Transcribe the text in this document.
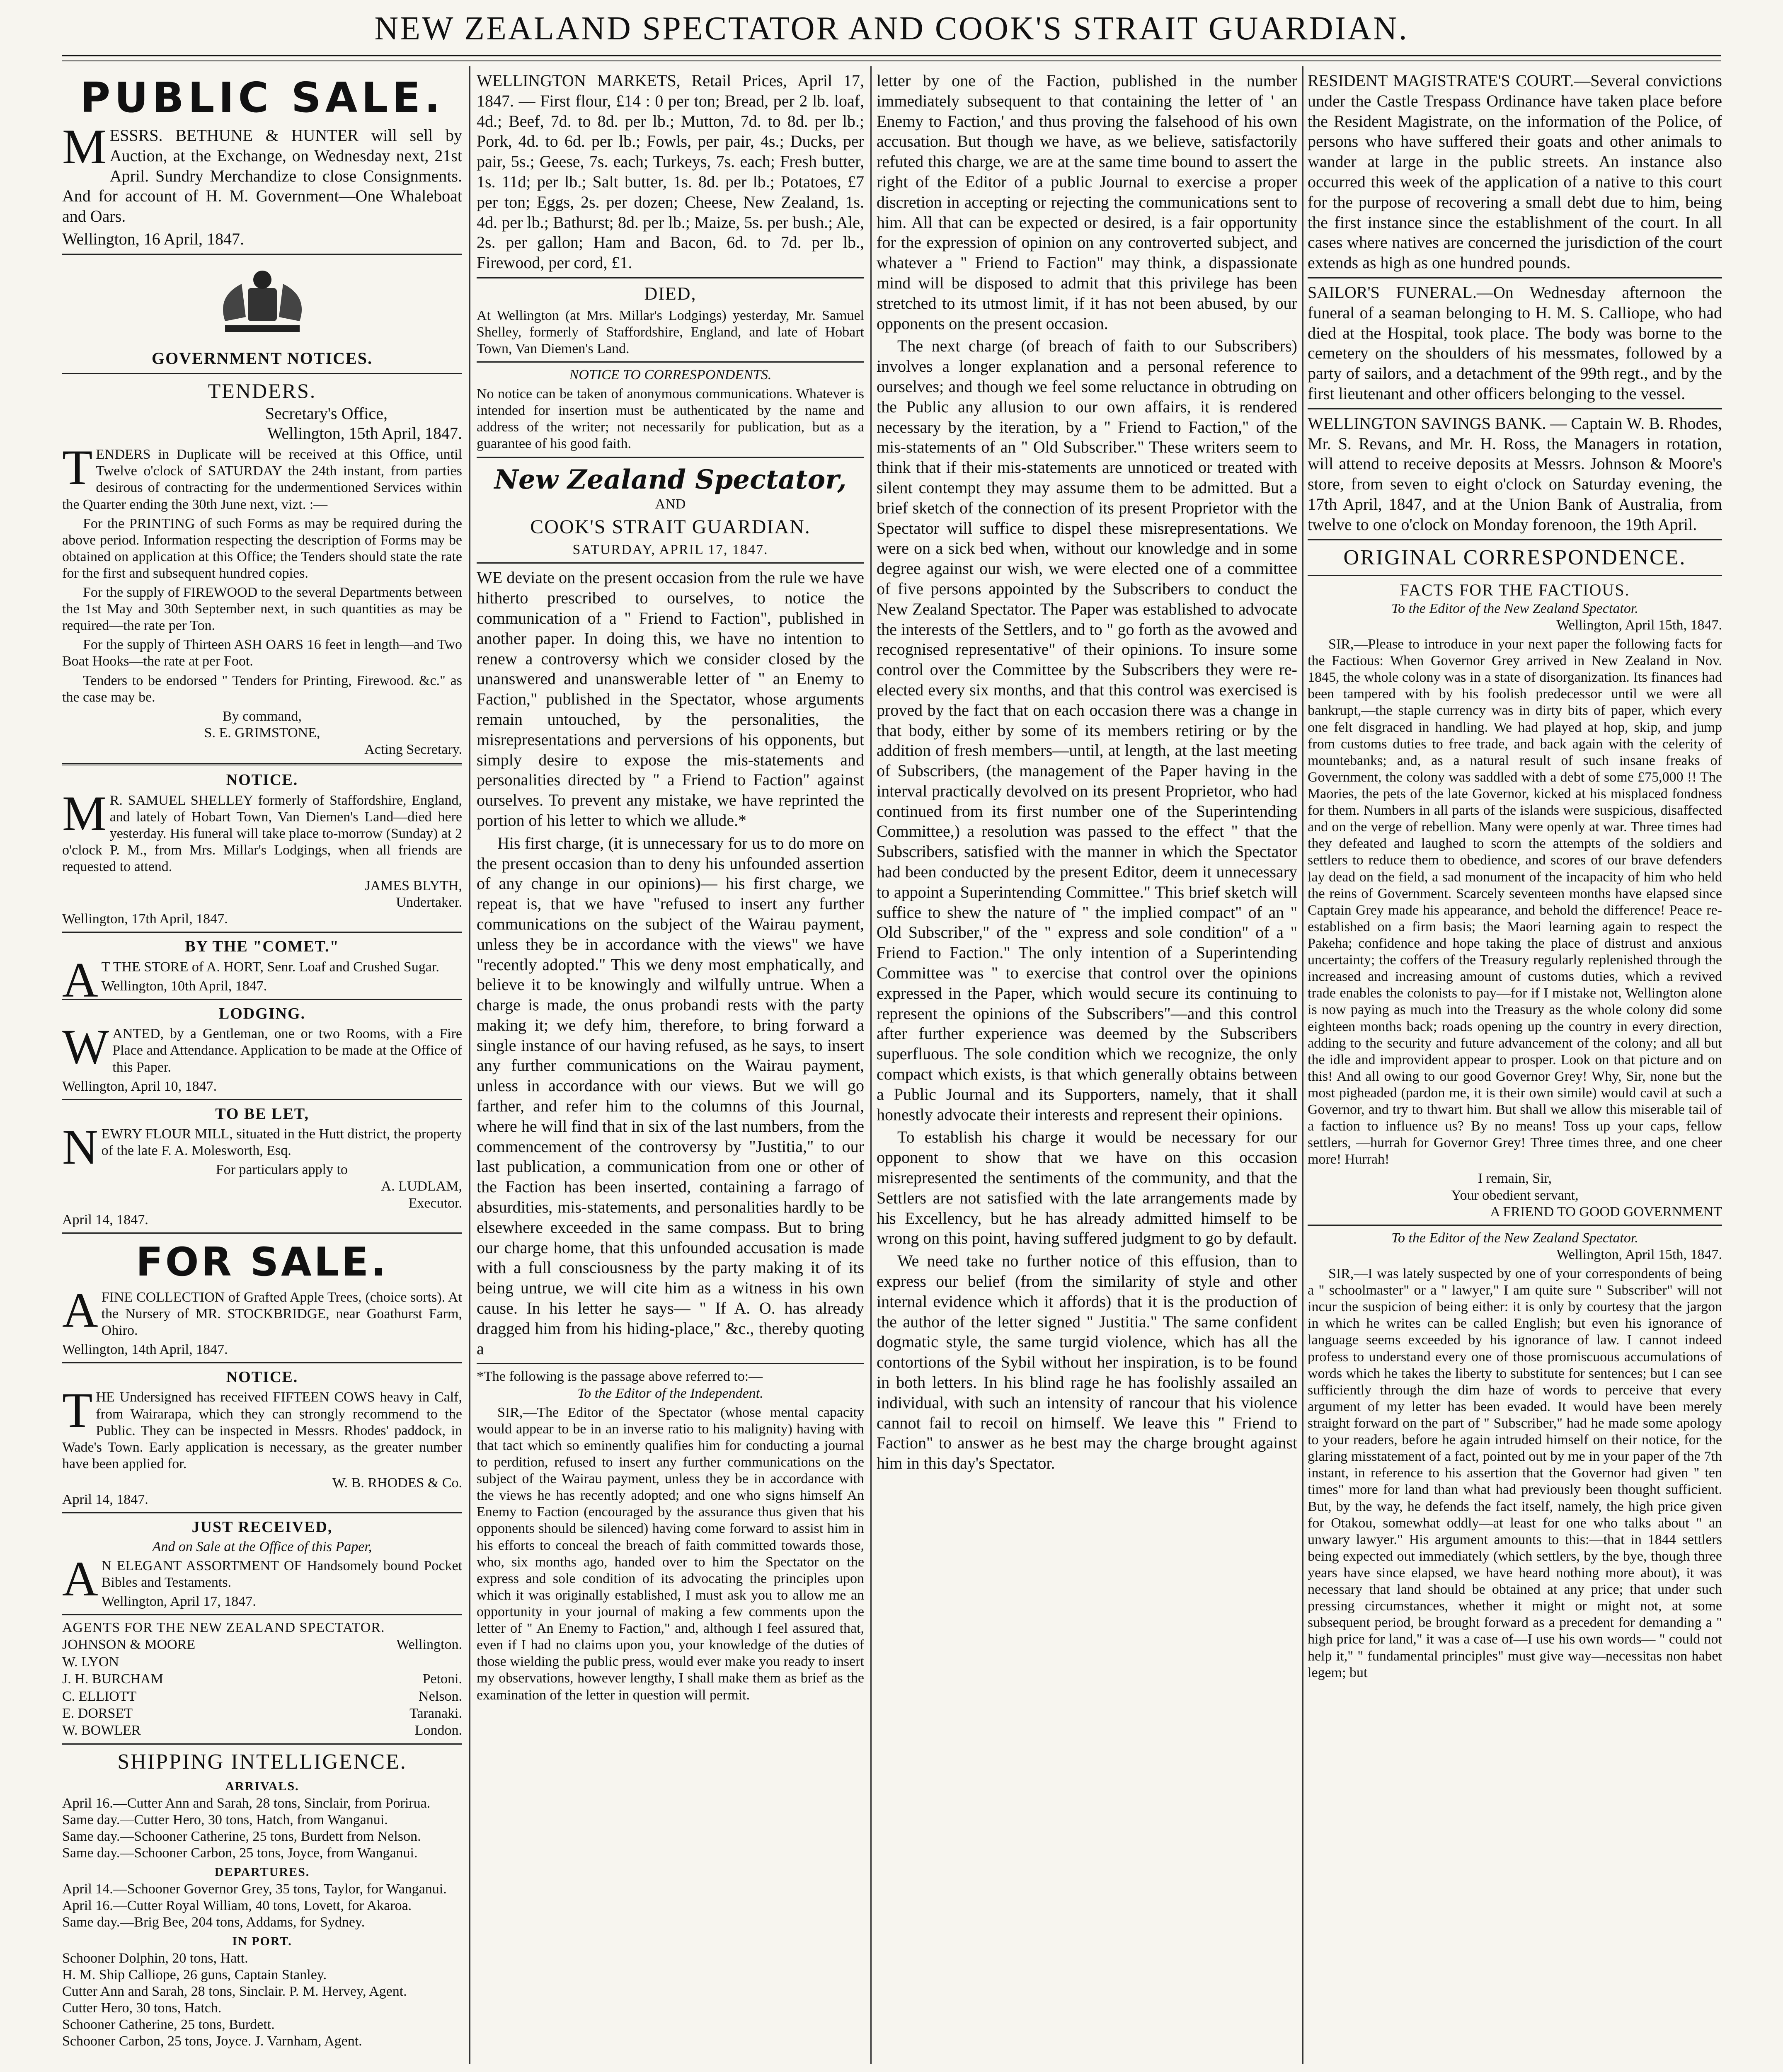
NEW ZEALAND SPECTATOR AND COOK'S STRAIT GUARDIAN.
PUBLIC SALE.
MESSRS. BETHUNE & HUNTER will sell by Auction, at the Exchange, on Wednesday next, 21st April. Sundry Merchandize to close Consignments. And for account of H. M. Government—One Whaleboat and Oars.
Wellington, 16 April, 1847.
GOVERNMENT NOTICES.
TENDERS.
Secretary's Office,
Wellington, 15th April, 1847.
TENDERS in Duplicate will be received at this Office, until Twelve o'clock of SATURDAY the 24th instant, from parties desirous of contracting for the undermentioned Services within the Quarter ending the 30th June next, vizt. :—
For the PRINTING of such Forms as may be required during the above period. Information respecting the description of Forms may be obtained on application at this Office; the Tenders should state the rate for the first and subsequent hundred copies.
For the supply of FIREWOOD to the several Departments between the 1st May and 30th September next, in such quantities as may be required—the rate per Ton.
For the supply of Thirteen ASH OARS 16 feet in length—and Two Boat Hooks—the rate at per Foot.
Tenders to be endorsed " Tenders for Printing, Firewood. &c." as the case may be.
By command,
S. E. GRIMSTONE,
Acting Secretary.
NOTICE.
MR. SAMUEL SHELLEY formerly of Staffordshire, England, and lately of Hobart Town, Van Diemen's Land—died here yesterday. His funeral will take place to-morrow (Sunday) at 2 o'clock P. M., from Mrs. Millar's Lodgings, when all friends are requested to attend.
JAMES BLYTH,
Undertaker.
Wellington, 17th April, 1847.
BY THE "COMET."
AT THE STORE of A. HORT, Senr. Loaf and Crushed Sugar.
Wellington, 10th April, 1847.
LODGING.
WANTED, by a Gentleman, one or two Rooms, with a Fire Place and Attendance. Application to be made at the Office of this Paper.
Wellington, April 10, 1847.
TO BE LET,
NEWRY FLOUR MILL, situated in the Hutt district, the property of the late F. A. Molesworth, Esq.
For particulars apply to
A. LUDLAM,
Executor.
April 14, 1847.
FOR SALE.
AFINE COLLECTION of Grafted Apple Trees, (choice sorts). At the Nursery of MR. STOCKBRIDGE, near Goathurst Farm, Ohiro.
Wellington, 14th April, 1847.
NOTICE.
THE Undersigned has received FIFTEEN COWS heavy in Calf, from Wairarapa, which they can strongly recommend to the Public. They can be inspected in Messrs. Rhodes' paddock, in Wade's Town. Early application is necessary, as the greater number have been applied for.
W. B. RHODES & Co.
April 14, 1847.
JUST RECEIVED,
And on Sale at the Office of this Paper,
AN ELEGANT ASSORTMENT OF Handsomely bound Pocket Bibles and Testaments.
Wellington, April 17, 1847.
AGENTS FOR THE NEW ZEALAND SPECTATOR.
JOHNSON & MOORE	Wellington.
W. LYON	
J. H. BURCHAM	Petoni.
C. ELLIOTT	Nelson.
E. DORSET	Taranaki.
W. BOWLER	London.
SHIPPING INTELLIGENCE.
ARRIVALS.
April 16.—Cutter Ann and Sarah, 28 tons, Sinclair, from Porirua.
Same day.—Cutter Hero, 30 tons, Hatch, from Wanganui.
Same day.—Schooner Catherine, 25 tons, Burdett from Nelson.
Same day.—Schooner Carbon, 25 tons, Joyce, from Wanganui.
DEPARTURES.
April 14.—Schooner Governor Grey, 35 tons, Taylor, for Wanganui.
April 16.—Cutter Royal William, 40 tons, Lovett, for Akaroa.
Same day.—Brig Bee, 204 tons, Addams, for Sydney.
IN PORT.
Schooner Dolphin, 20 tons, Hatt.
H. M. Ship Calliope, 26 guns, Captain Stanley.
Cutter Ann and Sarah, 28 tons, Sinclair. P. M. Hervey, Agent.
Cutter Hero, 30 tons, Hatch.
Schooner Catherine, 25 tons, Burdett.
Schooner Carbon, 25 tons, Joyce. J. Varnham, Agent.
WELLINGTON MARKETS, Retail Prices, April 17, 1847. — First flour, £14 : 0 per ton; Bread, per 2 lb. loaf, 4d.; Beef, 7d. to 8d. per lb.; Mutton, 7d. to 8d. per lb.; Pork, 4d. to 6d. per lb.; Fowls, per pair, 4s.; Ducks, per pair, 5s.; Geese, 7s. each; Turkeys, 7s. each; Fresh butter, 1s. 11d; per lb.; Salt butter, 1s. 8d. per lb.; Potatoes, £7 per ton; Eggs, 2s. per dozen; Cheese, New Zealand, 1s. 4d. per lb.; Bathurst; 8d. per lb.; Maize, 5s. per bush.; Ale, 2s. per gallon; Ham and Bacon, 6d. to 7d. per lb., Firewood, per cord, £1.
DIED,
At Wellington (at Mrs. Millar's Lodgings) yesterday, Mr. Samuel Shelley, formerly of Staffordshire, England, and late of Hobart Town, Van Diemen's Land.
NOTICE TO CORRESPONDENTS.
No notice can be taken of anonymous communications. Whatever is intended for insertion must be authenticated by the name and address of the writer; not necessarily for publication, but as a guarantee of his good faith.
New Zealand Spectator,
AND
COOK'S STRAIT GUARDIAN.
SATURDAY, APRIL 17, 1847.
WE deviate on the present occasion from the rule we have hitherto prescribed to ourselves, to notice the communication of a " Friend to Faction", published in another paper. In doing this, we have no intention to renew a controversy which we consider closed by the unanswered and unanswerable letter of " an Enemy to Faction," published in the Spectator, whose arguments remain untouched, by the personalities, the misrepresentations and perversions of his opponents, but simply desire to expose the mis-statements and personalities directed by " a Friend to Faction" against ourselves. To prevent any mistake, we have reprinted the portion of his letter to which we allude.*
His first charge, (it is unnecessary for us to do more on the present occasion than to deny his unfounded assertion of any change in our opinions)— his first charge, we repeat is, that we have "refused to insert any further communications on the subject of the Wairau payment, unless they be in accordance with the views" we have "recently adopted." This we deny most emphatically, and believe it to be knowingly and wilfully untrue. When a charge is made, the onus probandi rests with the party making it; we defy him, therefore, to bring forward a single instance of our having refused, as he says, to insert any further communications on the Wairau payment, unless in accordance with our views. But we will go farther, and refer him to the columns of this Journal, where he will find that in six of the last numbers, from the commencement of the controversy by "Justitia," to our last publication, a communication from one or other of the Faction has been inserted, containing a farrago of absurdities, mis-statements, and personalities hardly to be elsewhere exceeded in the same compass. But to bring our charge home, that this unfounded accusation is made with a full consciousness by the party making it of its being untrue, we will cite him as a witness in his own cause. In his letter he says— " If A. O. has already dragged him from his hiding-place," &c., thereby quoting a
*The following is the passage above referred to:—
To the Editor of the Independent.
SIR,—The Editor of the Spectator (whose mental capacity would appear to be in an inverse ratio to his malignity) having with that tact which so eminently qualifies him for conducting a journal to perdition, refused to insert any further communications on the subject of the Wairau payment, unless they be in accordance with the views he has recently adopted; and one who signs himself An Enemy to Faction (encouraged by the assurance thus given that his opponents should be silenced) having come forward to assist him in his efforts to conceal the breach of faith committed towards those, who, six months ago, handed over to him the Spectator on the express and sole condition of its advocating the principles upon which it was originally established, I must ask you to allow me an opportunity in your journal of making a few comments upon the letter of " An Enemy to Faction," and, although I feel assured that, even if I had no claims upon you, your knowledge of the duties of those wielding the public press, would ever make you ready to insert my observations, however lengthy, I shall make them as brief as the examination of the letter in question will permit.
letter by one of the Faction, published in the number immediately subsequent to that containing the letter of ' an Enemy to Faction,' and thus proving the falsehood of his own accusation. But though we have, as we believe, satisfactorily refuted this charge, we are at the same time bound to assert the right of the Editor of a public Journal to exercise a proper discretion in accepting or rejecting the communications sent to him. All that can be expected or desired, is a fair opportunity for the expression of opinion on any controverted subject, and whatever a " Friend to Faction" may think, a dispassionate mind will be disposed to admit that this privilege has been stretched to its utmost limit, if it has not been abused, by our opponents on the present occasion.
The next charge (of breach of faith to our Subscribers) involves a longer explanation and a personal reference to ourselves; and though we feel some reluctance in obtruding on the Public any allusion to our own affairs, it is rendered necessary by the iteration, by a " Friend to Faction," of the mis-statements of an " Old Subscriber." These writers seem to think that if their mis-statements are unnoticed or treated with silent contempt they may assume them to be admitted. But a brief sketch of the connection of its present Proprietor with the Spectator will suffice to dispel these misrepresentations. We were on a sick bed when, without our knowledge and in some degree against our wish, we were elected one of a committee of five persons appointed by the Subscribers to conduct the New Zealand Spectator. The Paper was established to advocate the interests of the Settlers, and to " go forth as the avowed and recognised representative" of their opinions. To insure some control over the Committee by the Subscribers they were re-elected every six months, and that this control was exercised is proved by the fact that on each occasion there was a change in that body, either by some of its members retiring or by the addition of fresh members—until, at length, at the last meeting of Subscribers, (the management of the Paper having in the interval practically devolved on its present Proprietor, who had continued from its first number one of the Superintending Committee,) a resolution was passed to the effect " that the Subscribers, satisfied with the manner in which the Spectator had been conducted by the present Editor, deem it unnecessary to appoint a Superintending Committee." This brief sketch will suffice to shew the nature of " the implied compact" of an " Old Subscriber," of the " express and sole condition" of a " Friend to Faction." The only intention of a Superintending Committee was " to exercise that control over the opinions expressed in the Paper, which would secure its continuing to represent the opinions of the Subscribers"—and this control after further experience was deemed by the Subscribers superfluous. The sole condition which we recognize, the only compact which exists, is that which generally obtains between a Public Journal and its Supporters, namely, that it shall honestly advocate their interests and represent their opinions.
To establish his charge it would be necessary for our opponent to show that we have on this occasion misrepresented the sentiments of the community, and that the Settlers are not satisfied with the late arrangements made by his Excellency, but he has already admitted himself to be wrong on this point, having suffered judgment to go by default.
We need take no further notice of this effusion, than to express our belief (from the similarity of style and other internal evidence which it affords) that it is the production of the author of the letter signed " Justitia." The same confident dogmatic style, the same turgid violence, which has all the contortions of the Sybil without her inspiration, is to be found in both letters. In his blind rage he has foolishly assailed an individual, with such an intensity of rancour that his violence cannot fail to recoil on himself. We leave this " Friend to Faction" to answer as he best may the charge brought against him in this day's Spectator.
RESIDENT MAGISTRATE'S COURT.—Several convictions under the Castle Trespass Ordinance have taken place before the Resident Magistrate, on the information of the Police, of persons who have suffered their goats and other animals to wander at large in the public streets. An instance also occurred this week of the application of a native to this court for the purpose of recovering a small debt due to him, being the first instance since the establishment of the court. In all cases where natives are concerned the jurisdiction of the court extends as high as one hundred pounds.
SAILOR'S FUNERAL.—On Wednesday afternoon the funeral of a seaman belonging to H. M. S. Calliope, who had died at the Hospital, took place. The body was borne to the cemetery on the shoulders of his messmates, followed by a party of sailors, and a detachment of the 99th regt., and by the first lieutenant and other officers belonging to the vessel.
WELLINGTON SAVINGS BANK. — Captain W. B. Rhodes, Mr. S. Revans, and Mr. H. Ross, the Managers in rotation, will attend to receive deposits at Messrs. Johnson & Moore's store, from seven to eight o'clock on Saturday evening, the 17th April, 1847, and at the Union Bank of Australia, from twelve to one o'clock on Monday forenoon, the 19th April.
ORIGINAL CORRESPONDENCE.
FACTS FOR THE FACTIOUS.
To the Editor of the New Zealand Spectator.
Wellington, April 15th, 1847.
SIR,—Please to introduce in your next paper the following facts for the Factious: When Governor Grey arrived in New Zealand in Nov. 1845, the whole colony was in a state of disorganization. Its finances had been tampered with by his foolish predecessor until we were all bankrupt,—the staple currency was in dirty bits of paper, which every one felt disgraced in handling. We had played at hop, skip, and jump from customs duties to free trade, and back again with the celerity of mountebanks; and, as a natural result of such insane freaks of Government, the colony was saddled with a debt of some £75,000 !! The Maories, the pets of the late Governor, kicked at his misplaced fondness for them. Numbers in all parts of the islands were suspicious, disaffected and on the verge of rebellion. Many were openly at war. Three times had they defeated and laughed to scorn the attempts of the soldiers and settlers to reduce them to obedience, and scores of our brave defenders lay dead on the field, a sad monument of the incapacity of him who held the reins of Government. Scarcely seventeen months have elapsed since Captain Grey made his appearance, and behold the difference! Peace re-established on a firm basis; the Maori learning again to respect the Pakeha; confidence and hope taking the place of distrust and anxious uncertainty; the coffers of the Treasury regularly replenished through the increased and increasing amount of customs duties, which a revived trade enables the colonists to pay—for if I mistake not, Wellington alone is now paying as much into the Treasury as the whole colony did some eighteen months back; roads opening up the country in every direction, adding to the security and future advancement of the colony; and all but the idle and improvident appear to prosper. Look on that picture and on this! And all owing to our good Governor Grey! Why, Sir, none but the most pigheaded (pardon me, it is their own simile) would cavil at such a Governor, and try to thwart him. But shall we allow this miserable tail of a faction to influence us? By no means! Toss up your caps, fellow settlers, —hurrah for Governor Grey! Three times three, and one cheer more! Hurrah!
I remain, Sir,
Your obedient servant,
A FRIEND TO GOOD GOVERNMENT
To the Editor of the New Zealand Spectator.
Wellington, April 15th, 1847.
SIR,—I was lately suspected by one of your correspondents of being a " schoolmaster" or a " lawyer," I am quite sure " Subscriber" will not incur the suspicion of being either: it is only by courtesy that the jargon in which he writes can be called English; but even his ignorance of language seems exceeded by his ignorance of law. I cannot indeed profess to understand every one of those promiscuous accumulations of words which he takes the liberty to substitute for sentences; but I can see sufficiently through the dim haze of words to perceive that every argument of my letter has been evaded. It would have been merely straight forward on the part of " Subscriber," had he made some apology to your readers, before he again intruded himself on their notice, for the glaring misstatement of a fact, pointed out by me in your paper of the 7th instant, in reference to his assertion that the Governor had given " ten times" more for land than what had previously been thought sufficient. But, by the way, he defends the fact itself, namely, the high price given for Otakou, somewhat oddly—at least for one who talks about " an unwary lawyer." His argument amounts to this:—that in 1844 settlers being expected out immediately (which settlers, by the bye, though three years have since elapsed, we have heard nothing more about), it was necessary that land should be obtained at any price; that under such pressing circumstances, whether it might or might not, at some subsequent period, be brought forward as a precedent for demanding a " high price for land," it was a case of—I use his own words— " could not help it," " fundamental principles" must give way—necessitas non habet legem; but
